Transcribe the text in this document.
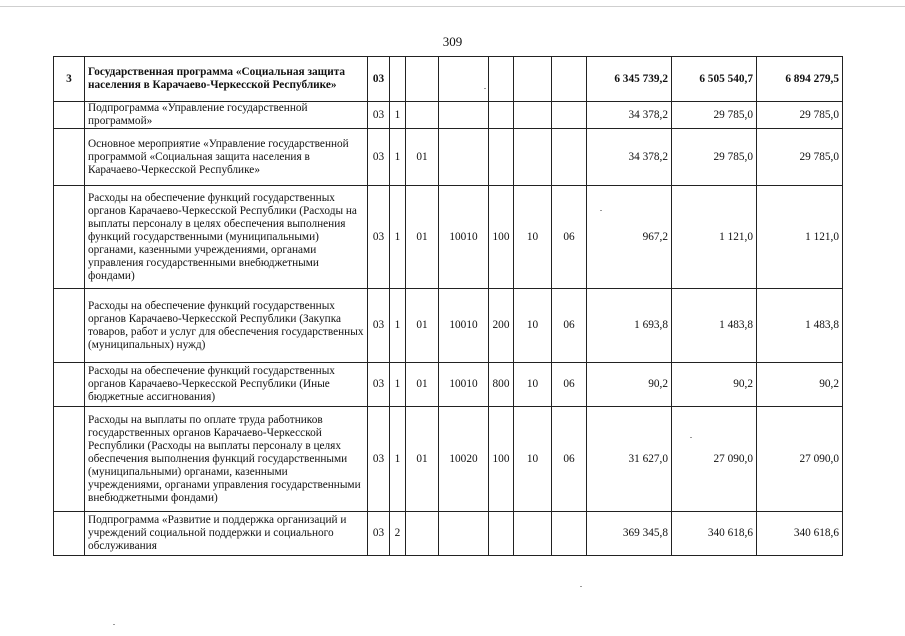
309
3	Государственная программа «Социальная защита населения в Карачаево-Черкесской Республике»	03							6 345 739,2	6 505 540,7	6 894 279,5
	Подпрограмма «Управление государственной программой»	03	1						34 378,2	29 785,0	29 785,0
	Основное мероприятие «Управление государственной программой «Социальная защита населения в Карачаево-Черкесской Республике»	03	1	01					34 378,2	29 785,0	29 785,0
	Расходы на обеспечение функций государственных органов Карачаево-Черкесской Республики (Расходы на выплаты персоналу в целях обеспечения выполнения функций государственными (муниципальными) органами, казенными учреждениями, органами управления государственными внебюджетными фондами)	03	1	01	10010	100	10	06	967,2	1 121,0	1 121,0
	Расходы на обеспечение функций государственных органов Карачаево-Черкесской Республики (Закупка товаров, работ и услуг для обеспечения государственных (муниципальных) нужд)	03	1	01	10010	200	10	06	1 693,8	1 483,8	1 483,8
	Расходы на обеспечение функций государственных органов Карачаево-Черкесской Республики (Иные бюджетные ассигнования)	03	1	01	10010	800	10	06	90,2	90,2	90,2
	Расходы на выплаты по оплате труда работников государственных органов Карачаево-Черкесской Республики (Расходы на выплаты персоналу в целях обеспечения выполнения функций государственными (муниципальными) органами, казенными учреждениями, органами управления государственными внебюджетными фондами)	03	1	01	10020	100	10	06	31 627,0	27 090,0	27 090,0
	Подпрограмма «Развитие и поддержка организаций и учреждений социальной поддержки и социального обслуживания	03	2						369 345,8	340 618,6	340 618,6
